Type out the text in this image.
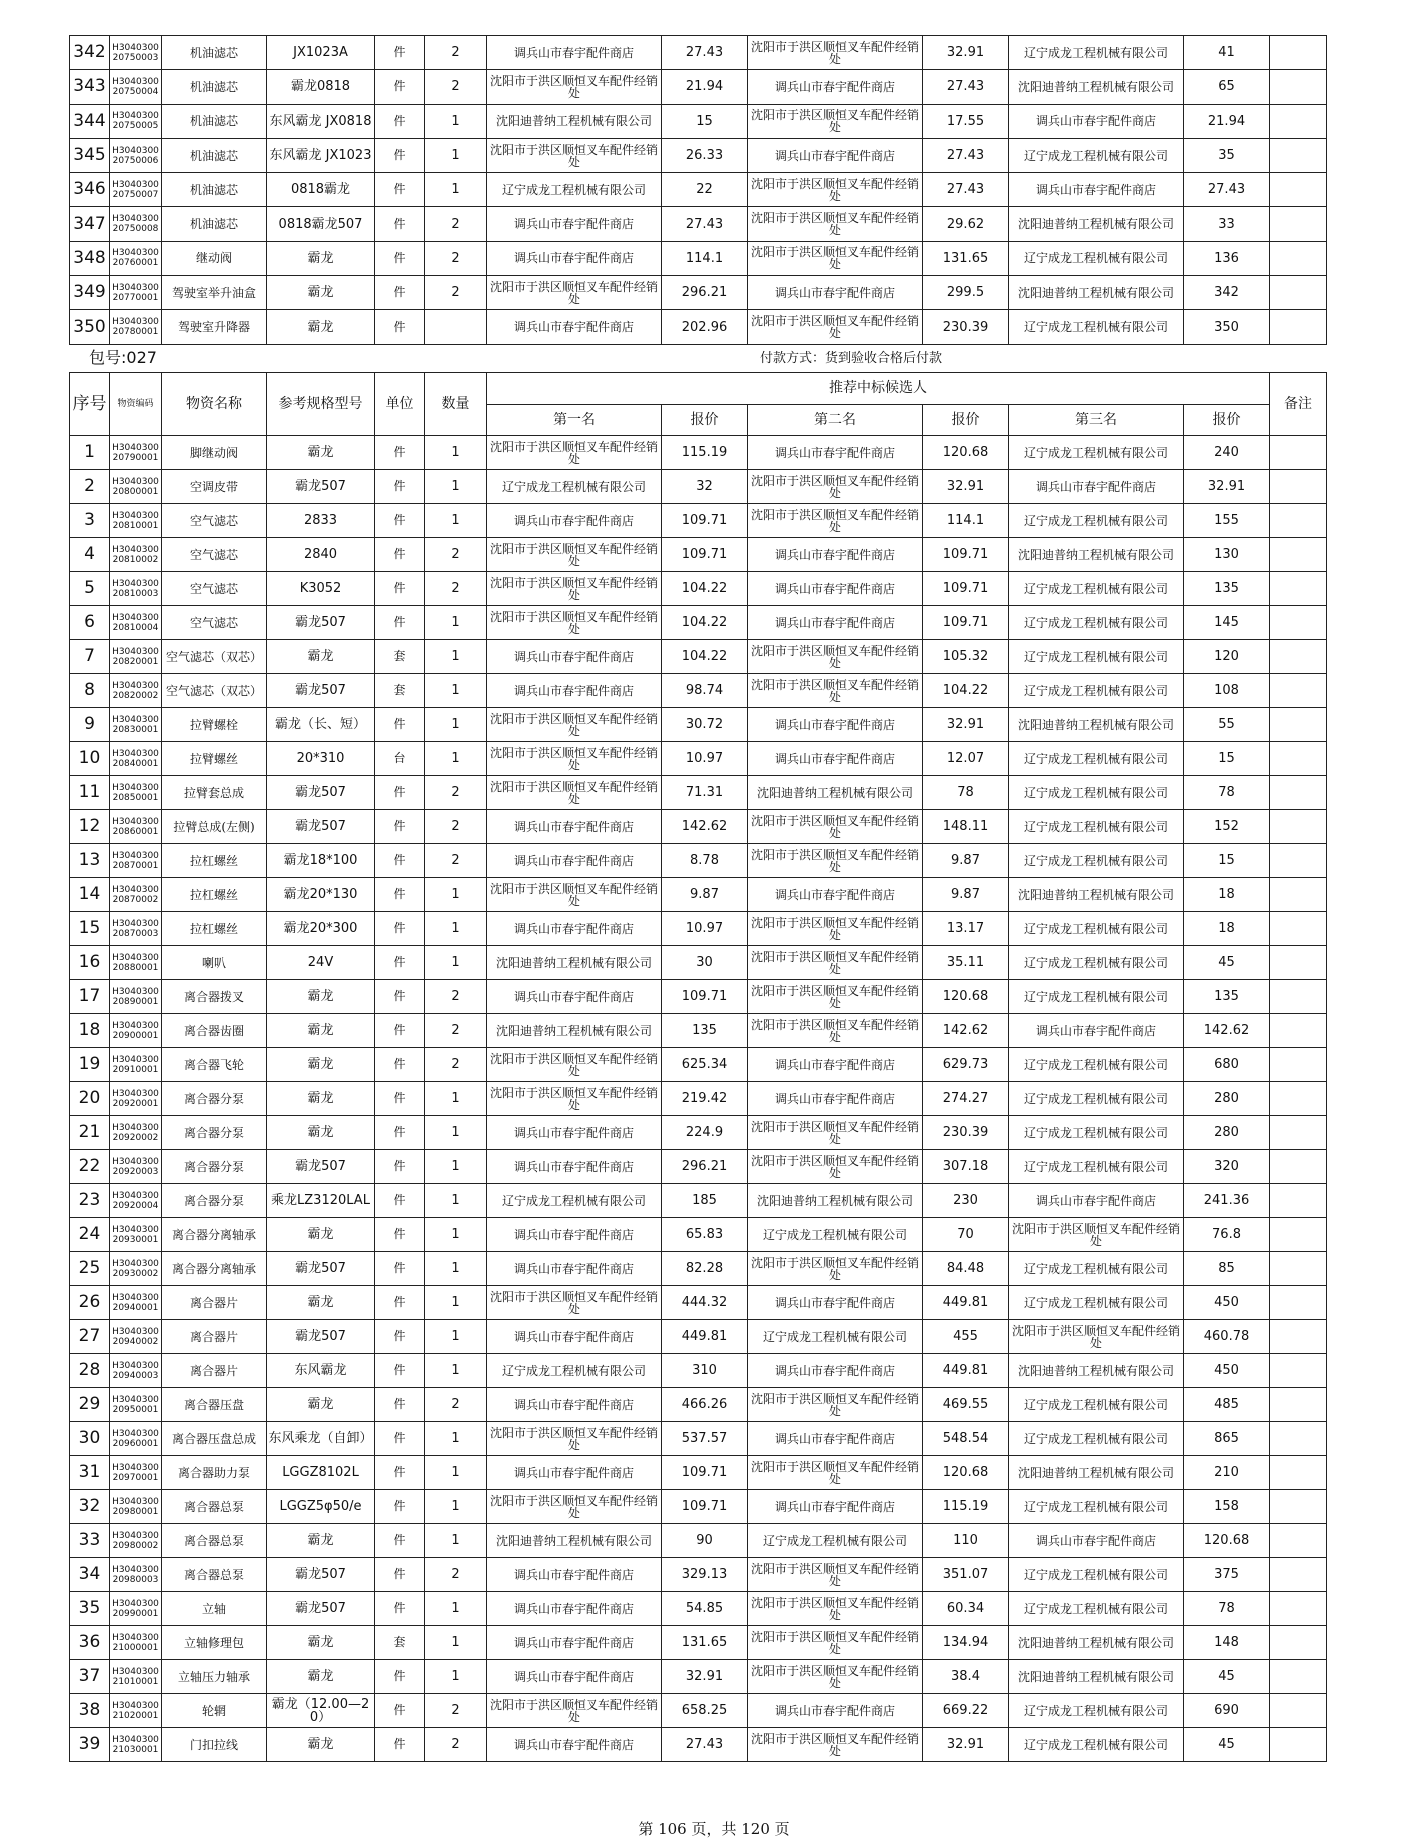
342	H3040300 20750003	机油滤芯	JX1023A	件	2	调兵山市春宇配件商店	27.43	沈阳市于洪区顺恒叉车配件经销处	32.91	辽宁成龙工程机械有限公司	41	
343	H3040300 20750004	机油滤芯	霸龙0818	件	2	沈阳市于洪区顺恒叉车配件经销处	21.94	调兵山市春宇配件商店	27.43	沈阳迪普纳工程机械有限公司	65	
344	H3040300 20750005	机油滤芯	东风霸龙 JX0818	件	1	沈阳迪普纳工程机械有限公司	15	沈阳市于洪区顺恒叉车配件经销处	17.55	调兵山市春宇配件商店	21.94	
345	H3040300 20750006	机油滤芯	东风霸龙 JX1023	件	1	沈阳市于洪区顺恒叉车配件经销处	26.33	调兵山市春宇配件商店	27.43	辽宁成龙工程机械有限公司	35	
346	H3040300 20750007	机油滤芯	0818霸龙	件	1	辽宁成龙工程机械有限公司	22	沈阳市于洪区顺恒叉车配件经销处	27.43	调兵山市春宇配件商店	27.43	
347	H3040300 20750008	机油滤芯	0818霸龙507	件	2	调兵山市春宇配件商店	27.43	沈阳市于洪区顺恒叉车配件经销处	29.62	沈阳迪普纳工程机械有限公司	33	
348	H3040300 20760001	继动阀	霸龙	件	2	调兵山市春宇配件商店	114.1	沈阳市于洪区顺恒叉车配件经销处	131.65	辽宁成龙工程机械有限公司	136	
349	H3040300 20770001	驾驶室举升油盒	霸龙	件	2	沈阳市于洪区顺恒叉车配件经销处	296.21	调兵山市春宇配件商店	299.5	沈阳迪普纳工程机械有限公司	342	
350	H3040300 20780001	驾驶室升降器	霸龙	件		调兵山市春宇配件商店	202.96	沈阳市于洪区顺恒叉车配件经销处	230.39	辽宁成龙工程机械有限公司	350	
包号:027	付款方式：货到验收合格后付款
序号	物资编码	物资名称	参考规格型号	单位	数量	推荐中标候选人						备注
						第一名	报价	第二名	报价	第三名	报价	
1	H3040300 20790001	脚继动阀	霸龙	件	1	沈阳市于洪区顺恒叉车配件经销处	115.19	调兵山市春宇配件商店	120.68	辽宁成龙工程机械有限公司	240	
2	H3040300 20800001	空调皮带	霸龙507	件	1	辽宁成龙工程机械有限公司	32	沈阳市于洪区顺恒叉车配件经销处	32.91	调兵山市春宇配件商店	32.91	
3	H3040300 20810001	空气滤芯	2833	件	1	调兵山市春宇配件商店	109.71	沈阳市于洪区顺恒叉车配件经销处	114.1	辽宁成龙工程机械有限公司	155	
4	H3040300 20810002	空气滤芯	2840	件	2	沈阳市于洪区顺恒叉车配件经销处	109.71	调兵山市春宇配件商店	109.71	沈阳迪普纳工程机械有限公司	130	
5	H3040300 20810003	空气滤芯	K3052	件	2	沈阳市于洪区顺恒叉车配件经销处	104.22	调兵山市春宇配件商店	109.71	辽宁成龙工程机械有限公司	135	
6	H3040300 20810004	空气滤芯	霸龙507	件	1	沈阳市于洪区顺恒叉车配件经销处	104.22	调兵山市春宇配件商店	109.71	辽宁成龙工程机械有限公司	145	
7	H3040300 20820001	空气滤芯（双芯）	霸龙	套	1	调兵山市春宇配件商店	104.22	沈阳市于洪区顺恒叉车配件经销处	105.32	辽宁成龙工程机械有限公司	120	
8	H3040300 20820002	空气滤芯（双芯）	霸龙507	套	1	调兵山市春宇配件商店	98.74	沈阳市于洪区顺恒叉车配件经销处	104.22	辽宁成龙工程机械有限公司	108	
9	H3040300 20830001	拉臂螺栓	霸龙（长、短）	件	1	沈阳市于洪区顺恒叉车配件经销处	30.72	调兵山市春宇配件商店	32.91	沈阳迪普纳工程机械有限公司	55	
10	H3040300 20840001	拉臂螺丝	20*310	台	1	沈阳市于洪区顺恒叉车配件经销处	10.97	调兵山市春宇配件商店	12.07	辽宁成龙工程机械有限公司	15	
11	H3040300 20850001	拉臂套总成	霸龙507	件	2	沈阳市于洪区顺恒叉车配件经销处	71.31	沈阳迪普纳工程机械有限公司	78	辽宁成龙工程机械有限公司	78	
12	H3040300 20860001	拉臂总成(左侧)	霸龙507	件	2	调兵山市春宇配件商店	142.62	沈阳市于洪区顺恒叉车配件经销处	148.11	辽宁成龙工程机械有限公司	152	
13	H3040300 20870001	拉杠螺丝	霸龙18*100	件	2	调兵山市春宇配件商店	8.78	沈阳市于洪区顺恒叉车配件经销处	9.87	辽宁成龙工程机械有限公司	15	
14	H3040300 20870002	拉杠螺丝	霸龙20*130	件	1	沈阳市于洪区顺恒叉车配件经销处	9.87	调兵山市春宇配件商店	9.87	沈阳迪普纳工程机械有限公司	18	
15	H3040300 20870003	拉杠螺丝	霸龙20*300	件	1	调兵山市春宇配件商店	10.97	沈阳市于洪区顺恒叉车配件经销处	13.17	辽宁成龙工程机械有限公司	18	
16	H3040300 20880001	喇叭	24V	件	1	沈阳迪普纳工程机械有限公司	30	沈阳市于洪区顺恒叉车配件经销处	35.11	辽宁成龙工程机械有限公司	45	
17	H3040300 20890001	离合器拨叉	霸龙	件	2	调兵山市春宇配件商店	109.71	沈阳市于洪区顺恒叉车配件经销处	120.68	辽宁成龙工程机械有限公司	135	
18	H3040300 20900001	离合器齿圈	霸龙	件	2	沈阳迪普纳工程机械有限公司	135	沈阳市于洪区顺恒叉车配件经销处	142.62	调兵山市春宇配件商店	142.62	
19	H3040300 20910001	离合器飞轮	霸龙	件	2	沈阳市于洪区顺恒叉车配件经销处	625.34	调兵山市春宇配件商店	629.73	辽宁成龙工程机械有限公司	680	
20	H3040300 20920001	离合器分泵	霸龙	件	1	沈阳市于洪区顺恒叉车配件经销处	219.42	调兵山市春宇配件商店	274.27	辽宁成龙工程机械有限公司	280	
21	H3040300 20920002	离合器分泵	霸龙	件	1	调兵山市春宇配件商店	224.9	沈阳市于洪区顺恒叉车配件经销处	230.39	辽宁成龙工程机械有限公司	280	
22	H3040300 20920003	离合器分泵	霸龙507	件	1	调兵山市春宇配件商店	296.21	沈阳市于洪区顺恒叉车配件经销处	307.18	辽宁成龙工程机械有限公司	320	
23	H3040300 20920004	离合器分泵	乘龙LZ3120LAL	件	1	辽宁成龙工程机械有限公司	185	沈阳迪普纳工程机械有限公司	230	调兵山市春宇配件商店	241.36	
24	H3040300 20930001	离合器分离轴承	霸龙	件	1	调兵山市春宇配件商店	65.83	辽宁成龙工程机械有限公司	70	沈阳市于洪区顺恒叉车配件经销处	76.8	
25	H3040300 20930002	离合器分离轴承	霸龙507	件	1	调兵山市春宇配件商店	82.28	沈阳市于洪区顺恒叉车配件经销处	84.48	辽宁成龙工程机械有限公司	85	
26	H3040300 20940001	离合器片	霸龙	件	1	沈阳市于洪区顺恒叉车配件经销处	444.32	调兵山市春宇配件商店	449.81	辽宁成龙工程机械有限公司	450	
27	H3040300 20940002	离合器片	霸龙507	件	1	调兵山市春宇配件商店	449.81	辽宁成龙工程机械有限公司	455	沈阳市于洪区顺恒叉车配件经销处	460.78	
28	H3040300 20940003	离合器片	东风霸龙	件	1	辽宁成龙工程机械有限公司	310	调兵山市春宇配件商店	449.81	沈阳迪普纳工程机械有限公司	450	
29	H3040300 20950001	离合器压盘	霸龙	件	2	调兵山市春宇配件商店	466.26	沈阳市于洪区顺恒叉车配件经销处	469.55	辽宁成龙工程机械有限公司	485	
30	H3040300 20960001	离合器压盘总成	东风乘龙（自卸）	件	1	沈阳市于洪区顺恒叉车配件经销处	537.57	调兵山市春宇配件商店	548.54	辽宁成龙工程机械有限公司	865	
31	H3040300 20970001	离合器助力泵	LGGZ8102L	件	1	调兵山市春宇配件商店	109.71	沈阳市于洪区顺恒叉车配件经销处	120.68	沈阳迪普纳工程机械有限公司	210	
32	H3040300 20980001	离合器总泵	LGGZ5φ50/e	件	1	沈阳市于洪区顺恒叉车配件经销处	109.71	调兵山市春宇配件商店	115.19	辽宁成龙工程机械有限公司	158	
33	H3040300 20980002	离合器总泵	霸龙	件	1	沈阳迪普纳工程机械有限公司	90	辽宁成龙工程机械有限公司	110	调兵山市春宇配件商店	120.68	
34	H3040300 20980003	离合器总泵	霸龙507	件	2	调兵山市春宇配件商店	329.13	沈阳市于洪区顺恒叉车配件经销处	351.07	辽宁成龙工程机械有限公司	375	
35	H3040300 20990001	立轴	霸龙507	件	1	调兵山市春宇配件商店	54.85	沈阳市于洪区顺恒叉车配件经销处	60.34	辽宁成龙工程机械有限公司	78	
36	H3040300 21000001	立轴修理包	霸龙	套	1	调兵山市春宇配件商店	131.65	沈阳市于洪区顺恒叉车配件经销处	134.94	沈阳迪普纳工程机械有限公司	148	
37	H3040300 21010001	立轴压力轴承	霸龙	件	1	调兵山市春宇配件商店	32.91	沈阳市于洪区顺恒叉车配件经销处	38.4	沈阳迪普纳工程机械有限公司	45	
38	H3040300 21020001	轮辋	霸龙（12.00—20）	件	2	沈阳市于洪区顺恒叉车配件经销处	658.25	调兵山市春宇配件商店	669.22	辽宁成龙工程机械有限公司	690	
39	H3040300 21030001	门扣拉线	霸龙	件	2	调兵山市春宇配件商店	27.43	沈阳市于洪区顺恒叉车配件经销处	32.91	辽宁成龙工程机械有限公司	45	
第 106 页，共 120 页
